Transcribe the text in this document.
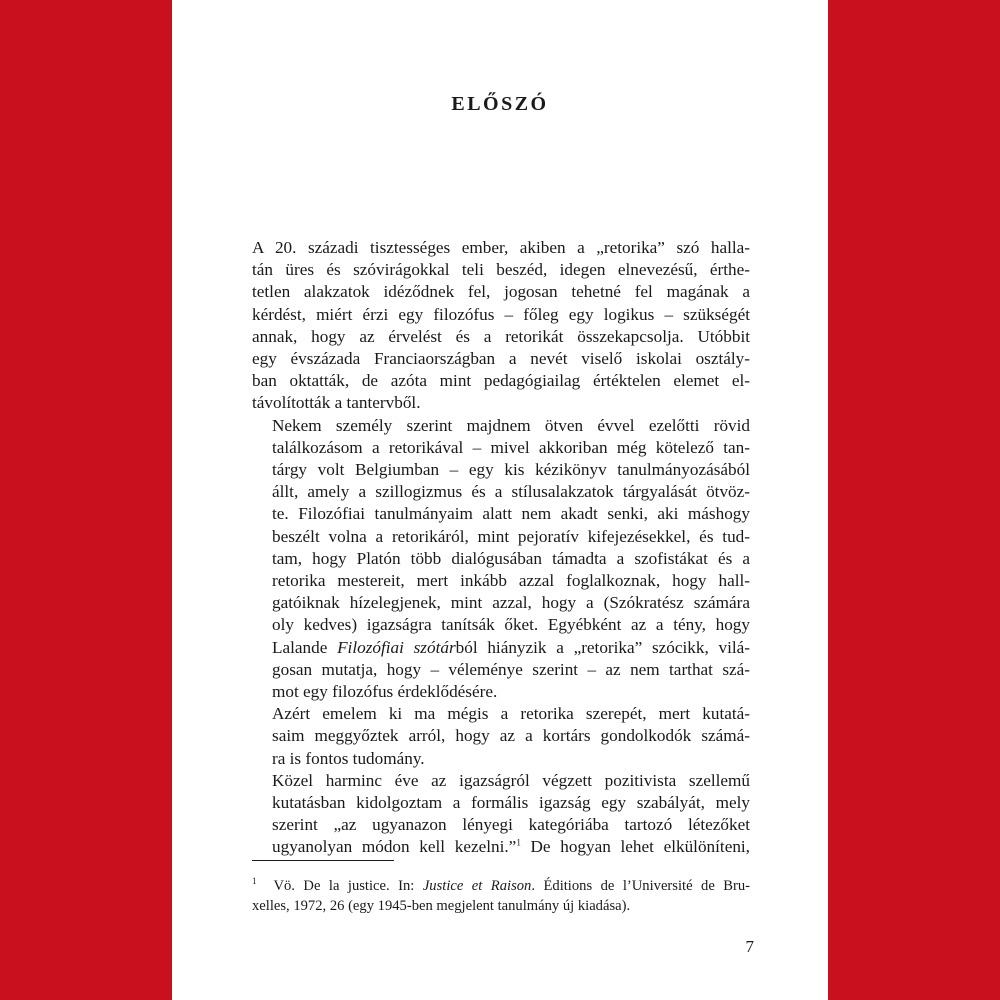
ELŐSZÓ

A 20. századi tisztességes ember, akiben a „retorika” szó halla-
tán üres és szóvirágokkal teli beszéd, idegen elnevezésű, érthe-
tetlen alakzatok idéződnek fel, jogosan tehetné fel magának a
kérdést, miért érzi egy filozófus – főleg egy logikus – szükségét
annak, hogy az érvelést és a retorikát összekapcsolja. Utóbbit
egy évszázada Franciaországban a nevét viselő iskolai osztály-
ban oktatták, de azóta mint pedagógiailag értéktelen elemet el-
távolították a tantervből.

Nekem személy szerint majdnem ötven évvel ezelőtti rövid
találkozásom a retorikával – mivel akkoriban még kötelező tan-
tárgy volt Belgiumban – egy kis kézikönyv tanulmányozásából
állt, amely a szillogizmus és a stílusalakzatok tárgyalását ötvöz-
te. Filozófiai tanulmányaim alatt nem akadt senki, aki máshogy
beszélt volna a retorikáról, mint pejoratív kifejezésekkel, és tud-
tam, hogy Platón több dialógusában támadta a szofistákat és a
retorika mestereit, mert inkább azzal foglalkoznak, hogy hall-
gatóiknak hízelegjenek, mint azzal, hogy a (Szókratész számára
oly kedves) igazságra tanítsák őket. Egyébként az a tény, hogy
Lalande Filozófiai szótárból hiányzik a „retorika” szócikk, vilá-
gosan mutatja, hogy – véleménye szerint – az nem tarthat szá-
mot egy filozófus érdeklődésére.

Azért emelem ki ma mégis a retorika szerepét, mert kutatá-
saim meggyőztek arról, hogy az a kortárs gondolkodók számá-
ra is fontos tudomány.

Közel harminc éve az igazságról végzett pozitivista szellemű
kutatásban kidolgoztam a formális igazság egy szabályát, mely
szerint „az ugyanazon lényegi kategóriába tartozó létezőket
ugyanolyan módon kell kezelni.”$^1$ De hogyan lehet elkülöníteni,

$^1$ Vö. De la justice. In: Justice et Raison. Éditions de l’Université de Bru-
xelles, 1972, 26 (egy 1945-ben megjelent tanulmány új kiadása).
7
